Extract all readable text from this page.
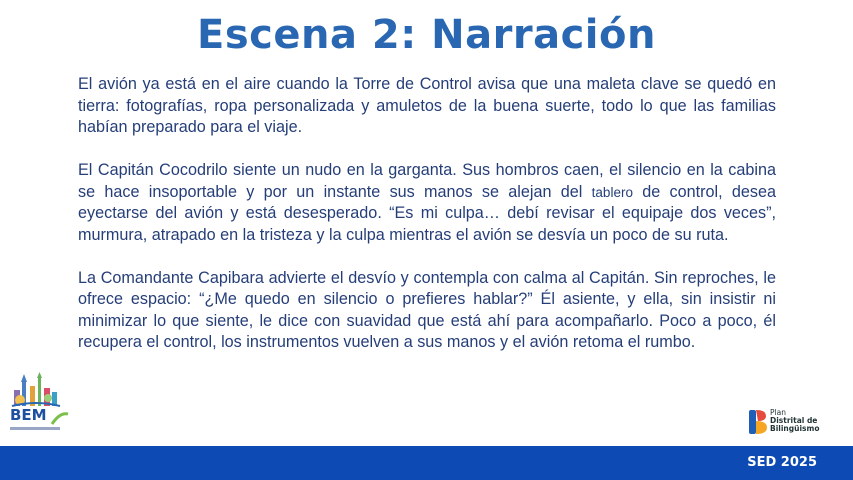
Escena 2: Narración

El avión ya está en el aire cuando la Torre de Control avisa que una maleta clave se quedó en tierra: fotografías, ropa personalizada y amuletos de la buena suerte, todo lo que las familias habían preparado para el viaje.

El Capitán Cocodrilo siente un nudo en la garganta. Sus hombros caen, el silencio en la cabina se hace insoportable y por un instante sus manos se alejan del tablero de control, desea eyectarse del avión y está desesperado. “Es mi culpa… debí revisar el equipaje dos veces”, murmura, atrapado en la tristeza y la culpa mientras el avión se desvía un poco de su ruta.

La Comandante Capibara advierte el desvío y contempla con calma al Capitán. Sin reproches, le ofrece espacio: “¿Me quedo en silencio o prefieres hablar?” Él asiente, y ella, sin insistir ni minimizar lo que siente, le dice con suavidad que está ahí para acompañarlo. Poco a poco, él recupera el control, los instrumentos vuelven a sus manos y el avión retoma el rumbo.

BEM	Plan
Distrital de
Bilingüismo
SED 2025
